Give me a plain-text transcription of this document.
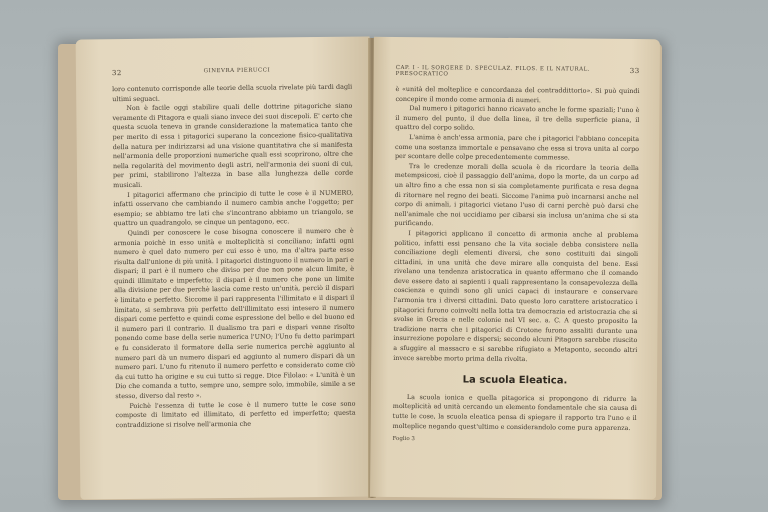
32	GINEVRA PIERUCCI

loro contenuto corrisponde alle teorie della scuola rivelate più tardi dagli ultimi seguaci.

Non è facile oggi stabilire quali delle dottrine pitagoriche siano veramente di Pitagora e quali siano invece dei suoi discepoli. E' certo che questa scuola teneva in grande considerazione la matematica tanto che per merito di essa i pitagorici superano la concezione fisico-qualitativa della natura per indirizzarsi ad una visione quantitativa che si manifesta nell'armonia delle proporzioni numeriche quali essi scoprirono, oltre che nella regolarità del movimento degli astri, nell'armonia dei suoni di cui, per primi, stabilirono l'altezza in base alla lunghezza delle corde musicali.

I pitagorici affermano che principio di tutte le cose è il NUMERO, infatti osservano che cambiando il numero cambia anche l'oggetto; per esempio; se abbiamo tre lati che s'incontrano abbiamo un triangolo, se quattro un quadrangolo, se cinque un pentagono, ecc.

Quindi per conoscere le cose bisogna conoscere il numero che è armonia poichè in esso unità e molteplicità si conciliano; infatti ogni numero è quel dato numero per cui esso è uno, ma d'altra parte esso risulta dall'unione di più unità. I pitagorici distinguono il numero in pari e dispari; il pari è il numero che diviso per due non pone alcun limite, è quindi illimitato e imperfetto; il dispari è il numero che pone un limite alla divisione per due perchè lascia come resto un'unità, perciò il dispari è limitato e perfetto. Siccome il pari rappresenta l'illimitato e il dispari il limitato, si sembrava più perfetto dell'illimitato essi intesero il numero dispari come perfetto e quindi come espressione del bello e del buono ed il numero pari il contrario. Il dualismo tra pari e dispari venne risolto ponendo come base della serie numerica l'UNO; l'Uno fu detto parimpari e fu considerato il formatore della serie numerica perchè aggiunto al numero pari dà un numero dispari ed aggiunto al numero dispari dà un numero pari. L'uno fu ritenuto il numero perfetto e considerato come ciò da cui tutto ha origine e su cui tutto si regge. Dice Filolao: « L'unità è un Dio che comanda a tutto, sempre uno, sempre solo, immobile, simile a se stesso, diverso dal resto ».

Poichè l'essenza di tutte le cose è il numero tutte le cose sono composte di limitato ed illimitato, di perfetto ed imperfetto; questa contraddizione si risolve nell'armonia che

CAP. I - IL SORGERE D. SPECULAZ. FILOS. E IL NATURAL. PRESOCRATICO	33

è «unità del molteplice e concordanza del contraddittorio». Si può quindi concepire il mondo come armonia di numeri.

Dal numero i pitagorici hanno ricavato anche le forme spaziali; l'uno è il numero del punto, il due della linea, il tre della superficie piana, il quattro del corpo solido.

L'anima è anch'essa armonia, pare che i pitagorici l'abbiano concepita come una sostanza immortale e pensavano che essa si trova unita al corpo per scontare delle colpe precedentemente commesse.

Tra le credenze morali della scuola è da ricordare la teoria della metempsicosi, cioè il passaggio dell'anima, dopo la morte, da un corpo ad un altro fino a che essa non si sia completamente purificata e resa degna di ritornare nel regno dei beati. Siccome l'anima può incarnarsi anche nel corpo di animali, i pitagorici vietano l'uso di carni perchè può darsi che nell'animale che noi uccidiamo per cibarsi sia inclusa un'anima che si sta purificando.

I pitagorici applicano il concetto di armonia anche al problema politico, infatti essi pensano che la vita sociale debba consistere nella conciliazione degli elementi diversi, che sono costituiti dai singoli cittadini, in una unità che deve mirare alla conquista del bene. Essi rivelano una tendenza aristocratica in quanto affermano che il comando deve essere dato ai sapienti i quali rappresentano la consapevolezza della coscienza e quindi sono gli unici capaci di instaurare e conservare l'armonia tra i diversi cittadini. Dato questo loro carattere aristocratico i pitagorici furono coinvolti nella lotta tra democrazia ed aristocrazia che si svolse in Grecia e nelle colonie nel VI sec. a. C. A questo proposito la tradizione narra che i pitagorici di Crotone furono assaliti durante una insurrezione popolare e dispersi; secondo alcuni Pitagora sarebbe riuscito a sfuggire al massacro e si sarebbe rifugiato a Metaponto, secondo altri invece sarebbe morto prima della rivolta.

La scuola Eleatica.

La scuola ionica e quella pitagorica si propongono di ridurre la molteplicità ad unità cercando un elemento fondamentale che sia causa di tutte le cose, la scuola eleatica pensa di spiegare il rapporto tra l'uno e il molteplice negando quest'ultimo e considerandolo come pura apparenza.

Foglio 3
